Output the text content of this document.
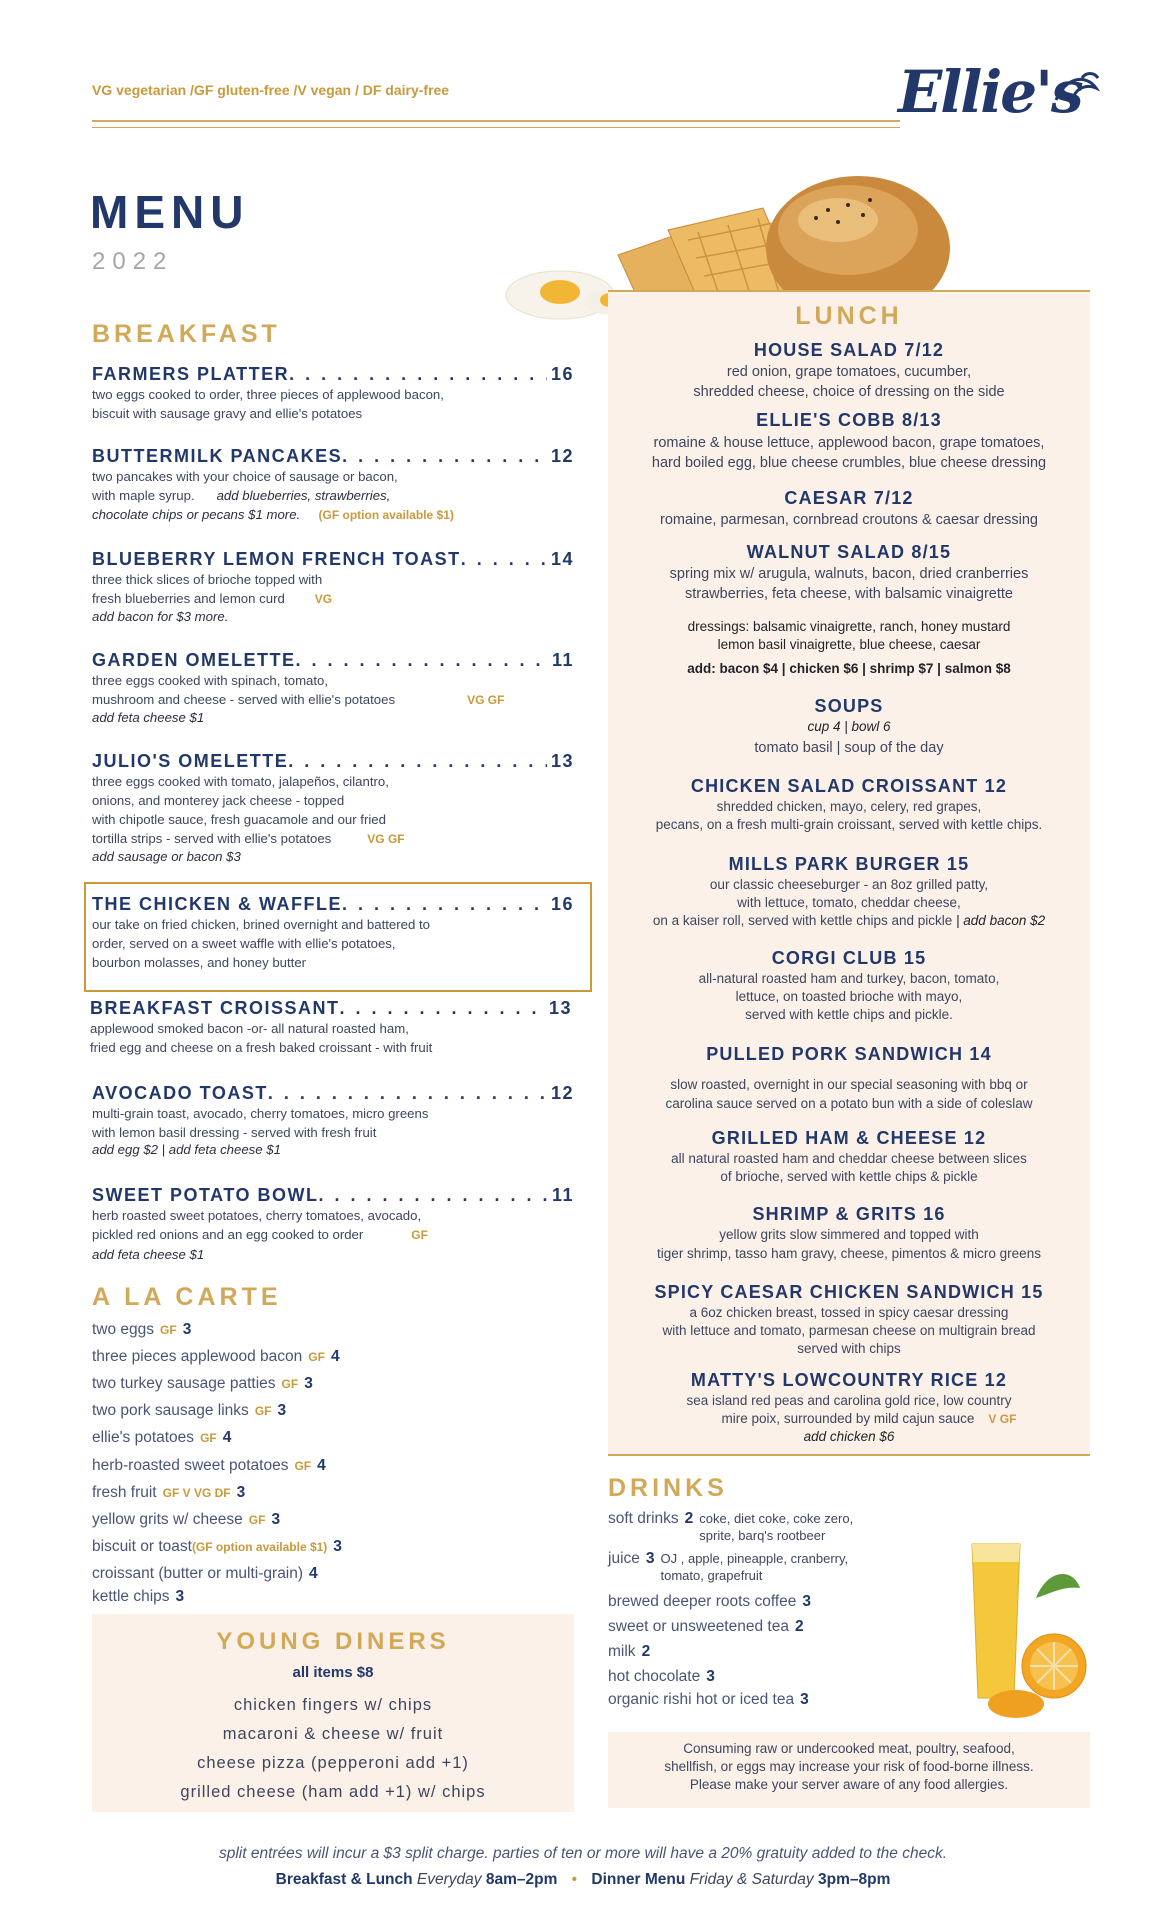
VG vegetarian /GF gluten-free /V vegan / DF dairy-free	Ellie's
MENU
2022
BREAKFAST
FARMERS PLATTER . . .	16
two eggs cooked to order, three pieces of applewood bacon,
biscuit with sausage gravy and ellie's potatoes
BUTTERMILK PANCAKES . . .	12
two pancakes with your choice of sausage or bacon,
with maple syrup. add blueberries, strawberries,
chocolate chips or pecans $1 more. (GF option available $1)
BLUEBERRY LEMON FRENCH TOAST . . .	14
three thick slices of brioche topped with
fresh blueberries and lemon curd	VG
add bacon for $3 more.
GARDEN OMELETTE . . .	11
three eggs cooked with spinach, tomato,
mushroom and cheese - served with ellie's potatoes	VG GF
add feta cheese $1
JULIO'S OMELETTE . . .	13
three eggs cooked with tomato, jalapeños, cilantro,
onions, and monterey jack cheese - topped
with chipotle sauce, fresh guacamole and our fried
tortilla strips - served with ellie's potatoes	VG GF
add sausage or bacon $3
THE CHICKEN & WAFFLE . . .	16
our take on fried chicken, brined overnight and battered to
order, served on a sweet waffle with ellie's potatoes,
bourbon molasses, and honey butter
BREAKFAST CROISSANT . . .	13
applewood smoked bacon -or- all natural roasted ham,
fried egg and cheese on a fresh baked croissant - with fruit
AVOCADO TOAST . . .	12
multi-grain toast, avocado, cherry tomatoes, micro greens
with lemon basil dressing - served with fresh fruit
add egg $2 | add feta cheese $1
SWEET POTATO BOWL . . .	11
herb roasted sweet potatoes, cherry tomatoes, avocado,
pickled red onions and an egg cooked to order	GF
add feta cheese $1
A LA CARTE
two eggs GF 3
three pieces applewood bacon GF 4
two turkey sausage patties GF 3
two pork sausage links GF 3
ellie's potatoes GF 4
herb-roasted sweet potatoes GF 4
fresh fruit GF V VG DF 3
yellow grits w/ cheese GF 3
biscuit or toast(GF option available $1) 3
croissant (butter or multi-grain) 4
kettle chips 3
YOUNG DINERS
all items $8
chicken fingers w/ chips
macaroni & cheese w/ fruit
cheese pizza (pepperoni add +1)
grilled cheese (ham add +1) w/ chips
LUNCH
HOUSE SALAD 7/12
red onion, grape tomatoes, cucumber,
shredded cheese, choice of dressing on the side
ELLIE'S COBB 8/13
romaine & house lettuce, applewood bacon, grape tomatoes,
hard boiled egg, blue cheese crumbles, blue cheese dressing
CAESAR 7/12
romaine, parmesan, cornbread croutons & caesar dressing
WALNUT SALAD 8/15
spring mix w/ arugula, walnuts, bacon, dried cranberries
strawberries, feta cheese, with balsamic vinaigrette
dressings: balsamic vinaigrette, ranch, honey mustard
lemon basil vinaigrette, blue cheese, caesar
add: bacon $4 | chicken $6 | shrimp $7 | salmon $8
SOUPS
cup 4 | bowl 6
tomato basil | soup of the day
CHICKEN SALAD CROISSANT 12
shredded chicken, mayo, celery, red grapes,
pecans, on a fresh multi-grain croissant, served with kettle chips.
MILLS PARK BURGER 15
our classic cheeseburger - an 8oz grilled patty,
with lettuce, tomato, cheddar cheese,
on a kaiser roll, served with kettle chips and pickle | add bacon $2
CORGI CLUB 15
all-natural roasted ham and turkey, bacon, tomato,
lettuce, on toasted brioche with mayo,
served with kettle chips and pickle.
PULLED PORK SANDWICH 14
slow roasted, overnight in our special seasoning with bbq or
carolina sauce served on a potato bun with a side of coleslaw
GRILLED HAM & CHEESE 12
all natural roasted ham and cheddar cheese between slices
of brioche, served with kettle chips & pickle
SHRIMP & GRITS 16
yellow grits slow simmered and topped with
tiger shrimp, tasso ham gravy, cheese, pimentos & micro greens
SPICY CAESAR CHICKEN SANDWICH 15
a 6oz chicken breast, tossed in spicy caesar dressing
with lettuce and tomato, parmesan cheese on multigrain bread
served with chips
MATTY'S LOWCOUNTRY RICE 12
sea island red peas and carolina gold rice, low country
mire poix, surrounded by mild cajun sauce V GF
add chicken $6
DRINKS
soft drinks 2 coke, diet coke, coke zero, sprite, barq's rootbeer
juice 3 OJ , apple, pineapple, cranberry, tomato, grapefruit
brewed deeper roots coffee 3
sweet or unsweetened tea 2
milk 2
hot chocolate 3
organic rishi hot or iced tea 3
Consuming raw or undercooked meat, poultry, seafood,
shellfish, or eggs may increase your risk of food-borne illness.
Please make your server aware of any food allergies.
split entrées will incur a $3 split charge. parties of ten or more will have a 20% gratuity added to the check.
Breakfast & Lunch Everyday 8am–2pm • Dinner Menu Friday & Saturday 3pm–8pm
